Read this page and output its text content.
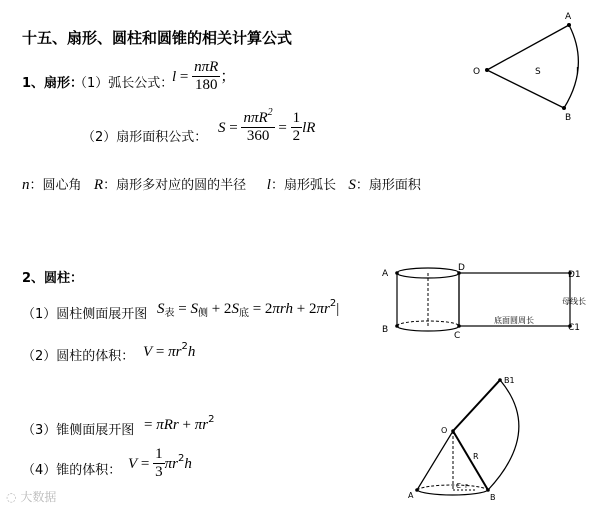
十五、扇形、圆柱和圆锥的相关计算公式
1、扇形：
（1）弧长公式：
$l = \frac{\text{nπR}}{180}$ ；
（2）扇形面积公式：
$S = \frac{n\pi R^2}{360} = \frac{1}{2}$ lR
n：圆心角 R：扇形多对应的圆的半径 l：扇形弧长 S：扇形面积
O
A
B
S	l
2、圆柱：
（1）圆柱侧面展开图 $S_表 = S_侧 + 2S_底 = 2\pi rh + 2\pi r^2|$
（2）圆柱的体积： $V = \pi r^2h$
A
B
D
C
D1
C1
母线长
底面圆周长
（3）锥侧面展开图 = $\pi Rr + \pi r^2$
（4）锥的体积： $V = \frac{1}{3} \pi r^2h$
B1
O
R
A	B
C r
◌ 大数据
